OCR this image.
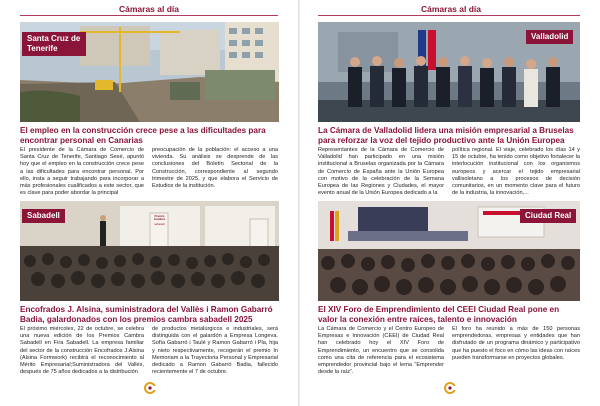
Cámaras al día
Santa Cruz de Tenerife
El empleo en la construcción crece pese a las dificultades para encontrar personal en Canarias
El presidente de la Cámara de Comercio de Santa Cruz de Tenerife, Santiago Sesé, apuntó hoy que el empleo en la construcción crece pese a las dificultades para encontrar personal. Por ello, insta a seguir trabajando para incorporar a más profesionales cualificados a este sector, que es clave para poder abordar la principal
preocupación de la población: el acceso a una vivienda. Su análisis se desprende de las conclusiones del Boletín Sectorial de la Construcción, correspondiente al segundo trimestre de 2025, y que elabora el Servicio de Estudios de la institución.
Premis Cambra
sabadell
Sabadell
Encofrados J. Alsina, suministradora del Vallès i Ramon Gabarró Badia, galardonados con los premios cambra sabadell 2025
El próximo miércoles, 22 de octubre, se celebra una nueva edición de los Premios Cambra Sabadell en Fira Sabadell. La empresa familiar del sector de la construcción Encofrados J.Alsina (Alsina Formwork) recibirá el reconocimiento al Mérito Empresarial;Suministradora del Vallès, después de 75 años dedicados a la distribución
de productos metalúrgicos e industriales, será distinguida con el galardón a Empresa Longeva. Sofía Gabarró i Taulé y Ramon Gabarró i Pla, hija y nieto respectivamente, recogerán el premio In Memoriam a la Trayectoria Personal y Empresarial dedicado a Ramon Gabarró Badia, fallecido recientemente el 7 de octubre.
Cámaras al día
Valladolid
La Cámara de Valladolid lidera una misión empresarial a Bruselas para reforzar la voz del tejido productivo ante la Unión Europea
Representantes de la Cámara de Comercio de Valladolid han participado en una misión institucional a Bruselas organizada por la Cámara de Comercio de España ante la Unión Europea con motivo de la celebración de la Semana Europea de las Regiones y Ciudades, el mayor evento anual de la Unión Europea dedicado a la
política regional. El viaje, celebrado los días 14 y 15 de octubre, ha tenido como objetivo fortalecer la interlocución institucional con los organismos europeos y acercar el tejido empresarial vallisoletano a los procesos de decisión comunitarios, en un momento clave para el futuro de la industria, la innovación,...
Ciudad Real
El XIV Foro de Emprendimiento del CEEI Ciudad Real pone en valor la conexión entre raíces, talento e innovación
La Cámara de Comercio y el Centro Europeo de Empresas e Innovación (CEEI) de Ciudad Real han celebrado hoy el XIV Foro de Emprendimiento, un encuentro que se consolida como una cita de referencia para el ecosistema emprendedor provincial bajo el lema “Emprender desde la raíz”.
El foro ha reunido a más de 150 personas emprendedoras, empresas y entidades que han disfrutado de un programa dinámico y participativo que ha puesto el foco en cómo las ideas con raíces pueden transformarse en proyectos globales.
